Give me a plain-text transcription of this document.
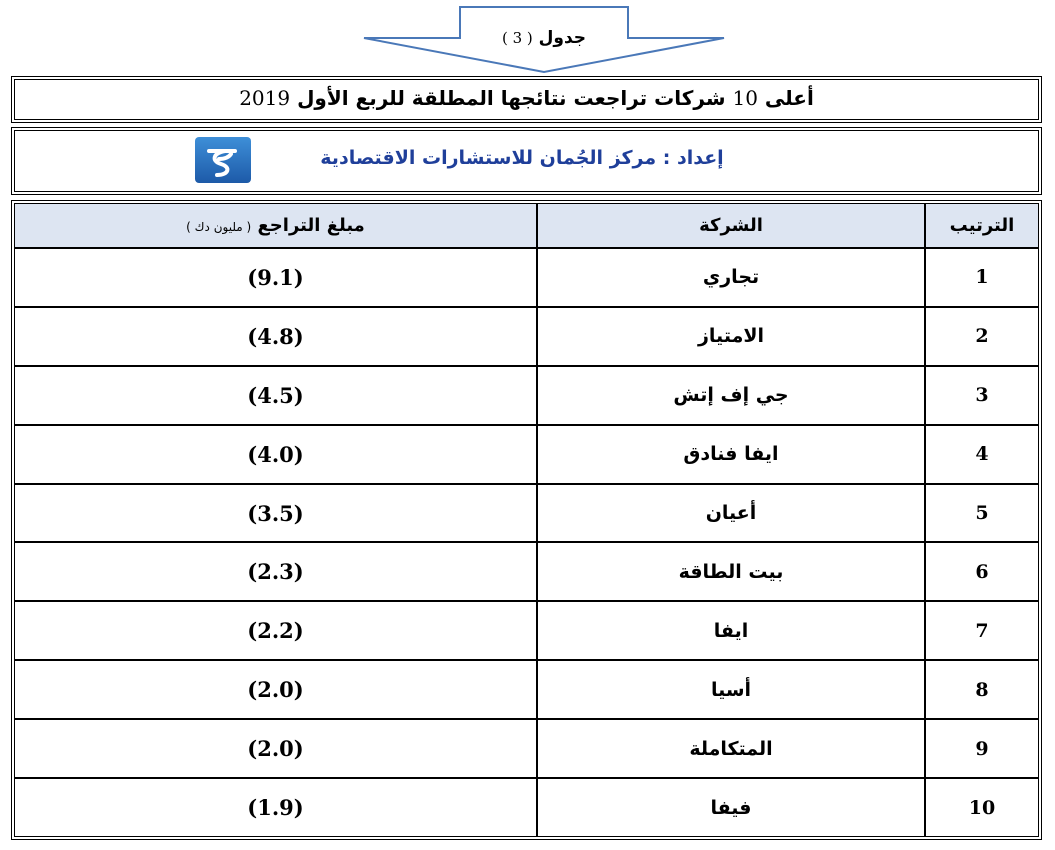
جدول ( 3 )
أعلى 10 شركات تراجعت نتائجها المطلقة للربع الأول 2019
إعداد : مركز الجُمان للاستشارات الاقتصادية
الترتيب	الشركة	مبلغ التراجع ( مليون دك )
1	تجاري	(9.1)
2	الامتياز	(4.8)
3	جي إف إتش	(4.5)
4	ايفا فنادق	(4.0)
5	أعيان	(3.5)
6	بيت الطاقة	(2.3)
7	ايفا	(2.2)
8	أسيا	(2.0)
9	المتكاملة	(2.0)
10	فيفا	(1.9)
